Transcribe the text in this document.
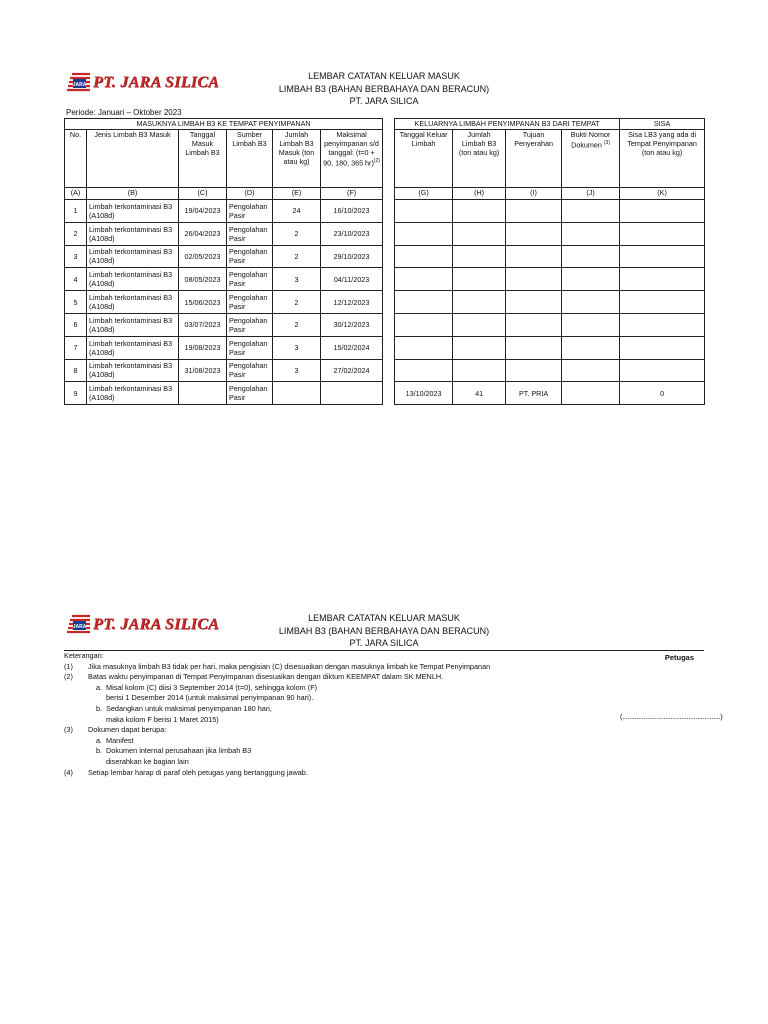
JARA PT. JARA SILICA	LEMBAR CATATAN KELUAR MASUK
LIMBAH B3 (BAHAN BERBAHAYA DAN BERACUN)
PT. JARA SILICA
Periode: Januari – Oktober 2023
MASUKNYA LIMBAH B3 KE TEMPAT PENYIMPANAN							KELUARNYA LIMBAH PENYIMPANAN B3 DARI TEMPAT				SISA
No.	Jenis Limbah B3 Masuk	Tanggal Masuk Limbah B3	Sumber Limbah B3	Jumlah Limbah B3 Masuk (ton atau kg)	Maksimal penyimpanan s/d tanggal: (t=0 + 90, 180, 365 hr)$^{(2)}$		Tanggal Keluar Limbah	Jumlah Limbah B3 (ton atau kg)	Tujuan Penyerahan	Bukti Nomor Dokumen $^{(3)}$	Sisa LB3 yang ada di Tempat Penyimpanan (ton atau kg)
(A)	(B)	(C)	(D)	(E)	(F)		(G)	(H)	(I)	(J)	(K)
1	Limbah terkontaminasi B3 (A108d)	19/04/2023	Pengolahan Pasir	24	16/10/2023						
2	Limbah terkontaminasi B3 (A108d)	26/04/2023	Pengolahan Pasir	2	23/10/2023						
3	Limbah terkontaminasi B3 (A108d)	02/05/2023	Pengolahan Pasir	2	29/10/2023						
4	Limbah terkontaminasi B3 (A108d)	08/05/2023	Pengolahan Pasir	3	04/11/2023						
5	Limbah terkontaminasi B3 (A108d)	15/06/2023	Pengolahan Pasir	2	12/12/2023						
6	Limbah terkontaminasi B3 (A108d)	03/07/2023	Pengolahan Pasir	2	30/12/2023						
7	Limbah terkontaminasi B3 (A108d)	19/08/2023	Pengolahan Pasir	3	15/02/2024						
8	Limbah terkontaminasi B3 (A108d)	31/08/2023	Pengolahan Pasir	3	27/02/2024						
9	Limbah terkontaminasi B3 (A108d)		Pengolahan Pasir				13/10/2023	41	PT. PRIA		0
JARA PT. JARA SILICA	LEMBAR CATATAN KELUAR MASUK
LIMBAH B3 (BAHAN BERBAHAYA DAN BERACUN)
PT. JARA SILICA
Keterangan:	Petugas
(.......................................................)
(1)	Jika masuknya limbah B3 tidak per hari, maka pengisian (C) disesuaikan dengan masuknya limbah ke Tempat Penyimpanan
(2)	Batas waktu penyimpanan di Tempat Penyimpanan disesuaikan dengan diktum KEEMPAT dalam SK MENLH.
a. Misal kolom (C) diisi 3 September 2014 (t=0), sehingga kolom (F)
berisi 1 Desember 2014 (untuk maksimal penyimpanan 90 hari).
b. Sedangkan untuk maksimal penyimpanan 180 hari,
maka kolom F berisi 1 Maret 2015)
(3)	Dokumen dapat berupa:
a. Manifest
b. Dokumen internal perusahaan jika limbah B3
diserahkan ke bagian lain
(4)	Setiap lembar harap di paraf oleh petugas yang bertanggung jawab.
